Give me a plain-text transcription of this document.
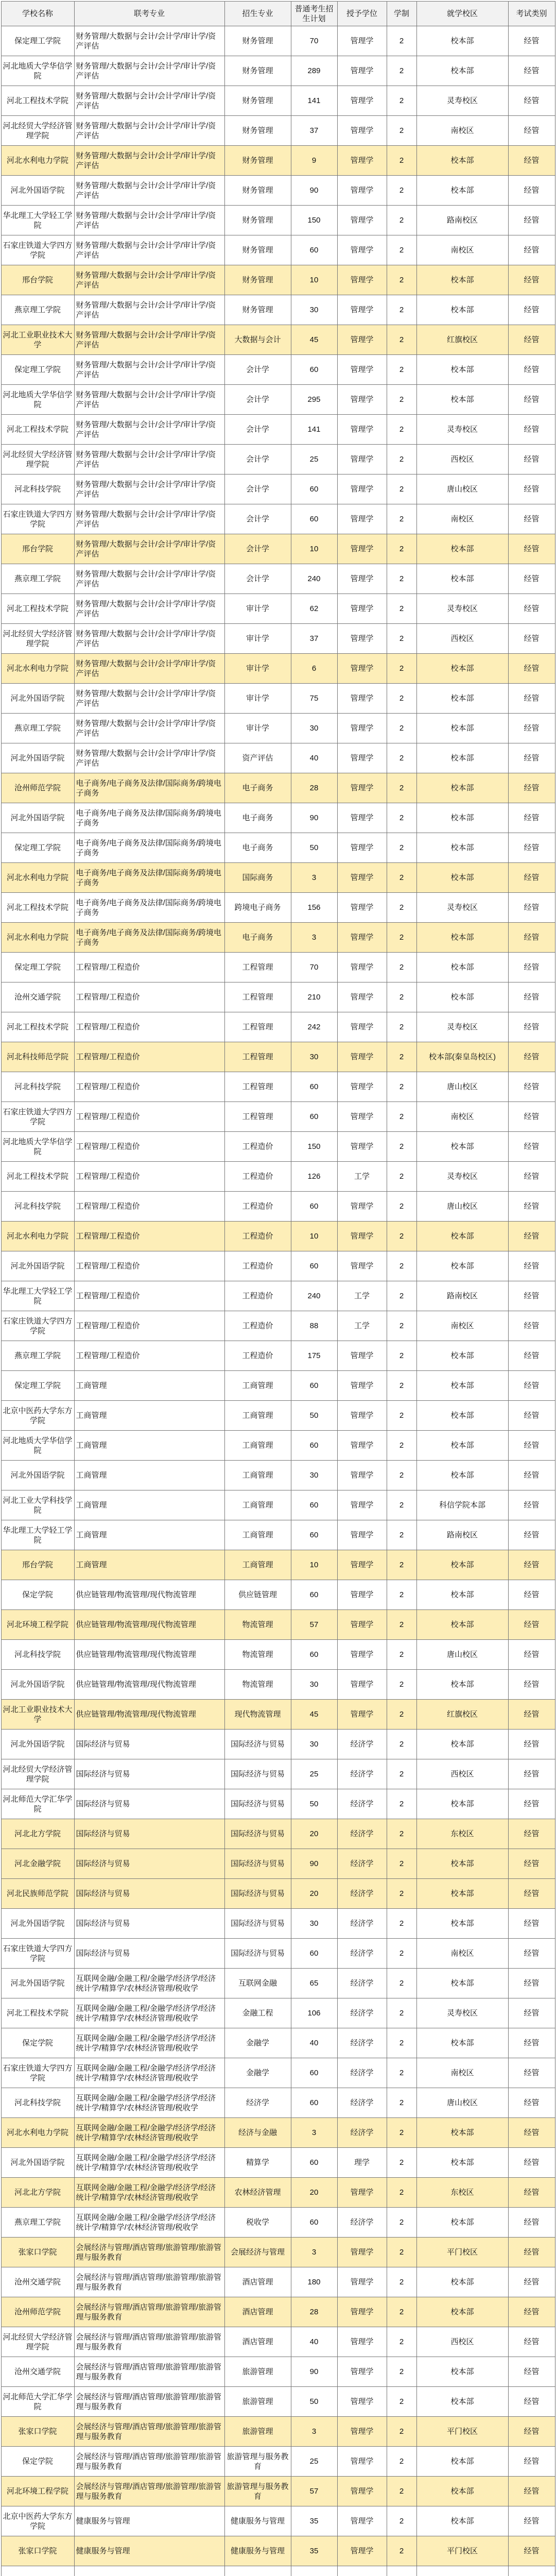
学校名称	联考专业	招生专业	普通考生招生计划	授予学位	学制	就学校区	考试类别
保定理工学院	财务管理/大数据与会计/会计学/审计学/资产评估	财务管理	70	管理学	2	校本部	经管
河北地质大学华信学院	财务管理/大数据与会计/会计学/审计学/资产评估	财务管理	289	管理学	2	校本部	经管
河北工程技术学院	财务管理/大数据与会计/会计学/审计学/资产评估	财务管理	141	管理学	2	灵寿校区	经管
河北经贸大学经济管理学院	财务管理/大数据与会计/会计学/审计学/资产评估	财务管理	37	管理学	2	南校区	经管
河北水利电力学院	财务管理/大数据与会计/会计学/审计学/资产评估	财务管理	9	管理学	2	校本部	经管
河北外国语学院	财务管理/大数据与会计/会计学/审计学/资产评估	财务管理	90	管理学	2	校本部	经管
华北理工大学轻工学院	财务管理/大数据与会计/会计学/审计学/资产评估	财务管理	150	管理学	2	路南校区	经管
石家庄铁道大学四方学院	财务管理/大数据与会计/会计学/审计学/资产评估	财务管理	60	管理学	2	南校区	经管
邢台学院	财务管理/大数据与会计/会计学/审计学/资产评估	财务管理	10	管理学	2	校本部	经管
燕京理工学院	财务管理/大数据与会计/会计学/审计学/资产评估	财务管理	30	管理学	2	校本部	经管
河北工业职业技术大学	财务管理/大数据与会计/会计学/审计学/资产评估	大数据与会计	45	管理学	2	红旗校区	经管
保定理工学院	财务管理/大数据与会计/会计学/审计学/资产评估	会计学	60	管理学	2	校本部	经管
河北地质大学华信学院	财务管理/大数据与会计/会计学/审计学/资产评估	会计学	295	管理学	2	校本部	经管
河北工程技术学院	财务管理/大数据与会计/会计学/审计学/资产评估	会计学	141	管理学	2	灵寿校区	经管
河北经贸大学经济管理学院	财务管理/大数据与会计/会计学/审计学/资产评估	会计学	25	管理学	2	西校区	经管
河北科技学院	财务管理/大数据与会计/会计学/审计学/资产评估	会计学	60	管理学	2	唐山校区	经管
石家庄铁道大学四方学院	财务管理/大数据与会计/会计学/审计学/资产评估	会计学	60	管理学	2	南校区	经管
邢台学院	财务管理/大数据与会计/会计学/审计学/资产评估	会计学	10	管理学	2	校本部	经管
燕京理工学院	财务管理/大数据与会计/会计学/审计学/资产评估	会计学	240	管理学	2	校本部	经管
河北工程技术学院	财务管理/大数据与会计/会计学/审计学/资产评估	审计学	62	管理学	2	灵寿校区	经管
河北经贸大学经济管理学院	财务管理/大数据与会计/会计学/审计学/资产评估	审计学	37	管理学	2	西校区	经管
河北水利电力学院	财务管理/大数据与会计/会计学/审计学/资产评估	审计学	6	管理学	2	校本部	经管
河北外国语学院	财务管理/大数据与会计/会计学/审计学/资产评估	审计学	75	管理学	2	校本部	经管
燕京理工学院	财务管理/大数据与会计/会计学/审计学/资产评估	审计学	30	管理学	2	校本部	经管
河北外国语学院	财务管理/大数据与会计/会计学/审计学/资产评估	资产评估	40	管理学	2	校本部	经管
沧州师范学院	电子商务/电子商务及法律/国际商务/跨境电子商务	电子商务	28	管理学	2	校本部	经管
河北外国语学院	电子商务/电子商务及法律/国际商务/跨境电子商务	电子商务	90	管理学	2	校本部	经管
保定理工学院	电子商务/电子商务及法律/国际商务/跨境电子商务	电子商务	50	管理学	2	校本部	经管
河北水利电力学院	电子商务/电子商务及法律/国际商务/跨境电子商务	国际商务	3	管理学	2	校本部	经管
河北工程技术学院	电子商务/电子商务及法律/国际商务/跨境电子商务	跨境电子商务	156	管理学	2	灵寿校区	经管
河北水利电力学院	电子商务/电子商务及法律/国际商务/跨境电子商务	电子商务	3	管理学	2	校本部	经管
保定理工学院	工程管理/工程造价	工程管理	70	管理学	2	校本部	经管
沧州交通学院	工程管理/工程造价	工程管理	210	管理学	2	校本部	经管
河北工程技术学院	工程管理/工程造价	工程管理	242	管理学	2	灵寿校区	经管
河北科技师范学院	工程管理/工程造价	工程管理	30	管理学	2	校本部(秦皇岛校区)	经管
河北科技学院	工程管理/工程造价	工程管理	60	管理学	2	唐山校区	经管
石家庄铁道大学四方学院	工程管理/工程造价	工程管理	60	管理学	2	南校区	经管
河北地质大学华信学院	工程管理/工程造价	工程造价	150	管理学	2	校本部	经管
河北工程技术学院	工程管理/工程造价	工程造价	126	工学	2	灵寿校区	经管
河北科技学院	工程管理/工程造价	工程造价	60	管理学	2	唐山校区	经管
河北水利电力学院	工程管理/工程造价	工程造价	10	管理学	2	校本部	经管
河北外国语学院	工程管理/工程造价	工程造价	60	管理学	2	校本部	经管
华北理工大学轻工学院	工程管理/工程造价	工程造价	240	工学	2	路南校区	经管
石家庄铁道大学四方学院	工程管理/工程造价	工程造价	88	工学	2	南校区	经管
燕京理工学院	工程管理/工程造价	工程造价	175	管理学	2	校本部	经管
保定理工学院	工商管理	工商管理	60	管理学	2	校本部	经管
北京中医药大学东方学院	工商管理	工商管理	50	管理学	2	校本部	经管
河北地质大学华信学院	工商管理	工商管理	60	管理学	2	校本部	经管
河北外国语学院	工商管理	工商管理	30	管理学	2	校本部	经管
河北工业大学科技学院	工商管理	工商管理	60	管理学	2	科信学院本部	经管
华北理工大学轻工学院	工商管理	工商管理	60	管理学	2	路南校区	经管
邢台学院	工商管理	工商管理	10	管理学	2	校本部	经管
保定学院	供应链管理/物流管理/现代物流管理	供应链管理	60	管理学	2	校本部	经管
河北环境工程学院	供应链管理/物流管理/现代物流管理	物流管理	57	管理学	2	校本部	经管
河北科技学院	供应链管理/物流管理/现代物流管理	物流管理	60	管理学	2	唐山校区	经管
河北外国语学院	供应链管理/物流管理/现代物流管理	物流管理	30	管理学	2	校本部	经管
河北工业职业技术大学	供应链管理/物流管理/现代物流管理	现代物流管理	45	管理学	2	红旗校区	经管
河北外国语学院	国际经济与贸易	国际经济与贸易	30	经济学	2	校本部	经管
河北经贸大学经济管理学院	国际经济与贸易	国际经济与贸易	25	经济学	2	西校区	经管
河北师范大学汇华学院	国际经济与贸易	国际经济与贸易	50	经济学	2	校本部	经管
河北北方学院	国际经济与贸易	国际经济与贸易	20	经济学	2	东校区	经管
河北金融学院	国际经济与贸易	国际经济与贸易	90	经济学	2	校本部	经管
河北民族师范学院	国际经济与贸易	国际经济与贸易	20	经济学	2	校本部	经管
河北外国语学院	国际经济与贸易	国际经济与贸易	30	经济学	2	校本部	经管
石家庄铁道大学四方学院	国际经济与贸易	国际经济与贸易	60	经济学	2	南校区	经管
河北外国语学院	互联网金融/金融工程/金融学/经济学/经济统计学/精算学/农林经济管理/税收学	互联网金融	65	经济学	2	校本部	经管
河北工程技术学院	互联网金融/金融工程/金融学/经济学/经济统计学/精算学/农林经济管理/税收学	金融工程	106	经济学	2	灵寿校区	经管
保定学院	互联网金融/金融工程/金融学/经济学/经济统计学/精算学/农林经济管理/税收学	金融学	40	经济学	2	校本部	经管
石家庄铁道大学四方学院	互联网金融/金融工程/金融学/经济学/经济统计学/精算学/农林经济管理/税收学	金融学	60	经济学	2	南校区	经管
河北科技学院	互联网金融/金融工程/金融学/经济学/经济统计学/精算学/农林经济管理/税收学	经济学	60	经济学	2	唐山校区	经管
河北水利电力学院	互联网金融/金融工程/金融学/经济学/经济统计学/精算学/农林经济管理/税收学	经济与金融	3	经济学	2	校本部	经管
河北外国语学院	互联网金融/金融工程/金融学/经济学/经济统计学/精算学/农林经济管理/税收学	精算学	60	理学	2	校本部	经管
河北北方学院	互联网金融/金融工程/金融学/经济学/经济统计学/精算学/农林经济管理/税收学	农林经济管理	20	管理学	2	东校区	经管
燕京理工学院	互联网金融/金融工程/金融学/经济学/经济统计学/精算学/农林经济管理/税收学	税收学	60	经济学	2	校本部	经管
张家口学院	会展经济与管理/酒店管理/旅游管理/旅游管理与服务教育	会展经济与管理	3	管理学	2	平门校区	经管
沧州交通学院	会展经济与管理/酒店管理/旅游管理/旅游管理与服务教育	酒店管理	180	管理学	2	校本部	经管
沧州师范学院	会展经济与管理/酒店管理/旅游管理/旅游管理与服务教育	酒店管理	28	管理学	2	校本部	经管
河北经贸大学经济管理学院	会展经济与管理/酒店管理/旅游管理/旅游管理与服务教育	酒店管理	40	管理学	2	西校区	经管
沧州交通学院	会展经济与管理/酒店管理/旅游管理/旅游管理与服务教育	旅游管理	90	管理学	2	校本部	经管
河北师范大学汇华学院	会展经济与管理/酒店管理/旅游管理/旅游管理与服务教育	旅游管理	50	管理学	2	校本部	经管
张家口学院	会展经济与管理/酒店管理/旅游管理/旅游管理与服务教育	旅游管理	3	管理学	2	平门校区	经管
保定学院	会展经济与管理/酒店管理/旅游管理/旅游管理与服务教育	旅游管理与服务教育	25	管理学	2	校本部	经管
河北环境工程学院	会展经济与管理/酒店管理/旅游管理/旅游管理与服务教育	旅游管理与服务教育	57	管理学	2	校本部	经管
北京中医药大学东方学院	健康服务与管理	健康服务与管理	35	管理学	2	校本部	经管
张家口学院	健康服务与管理	健康服务与管理	35	管理学	2	平门校区	经管
